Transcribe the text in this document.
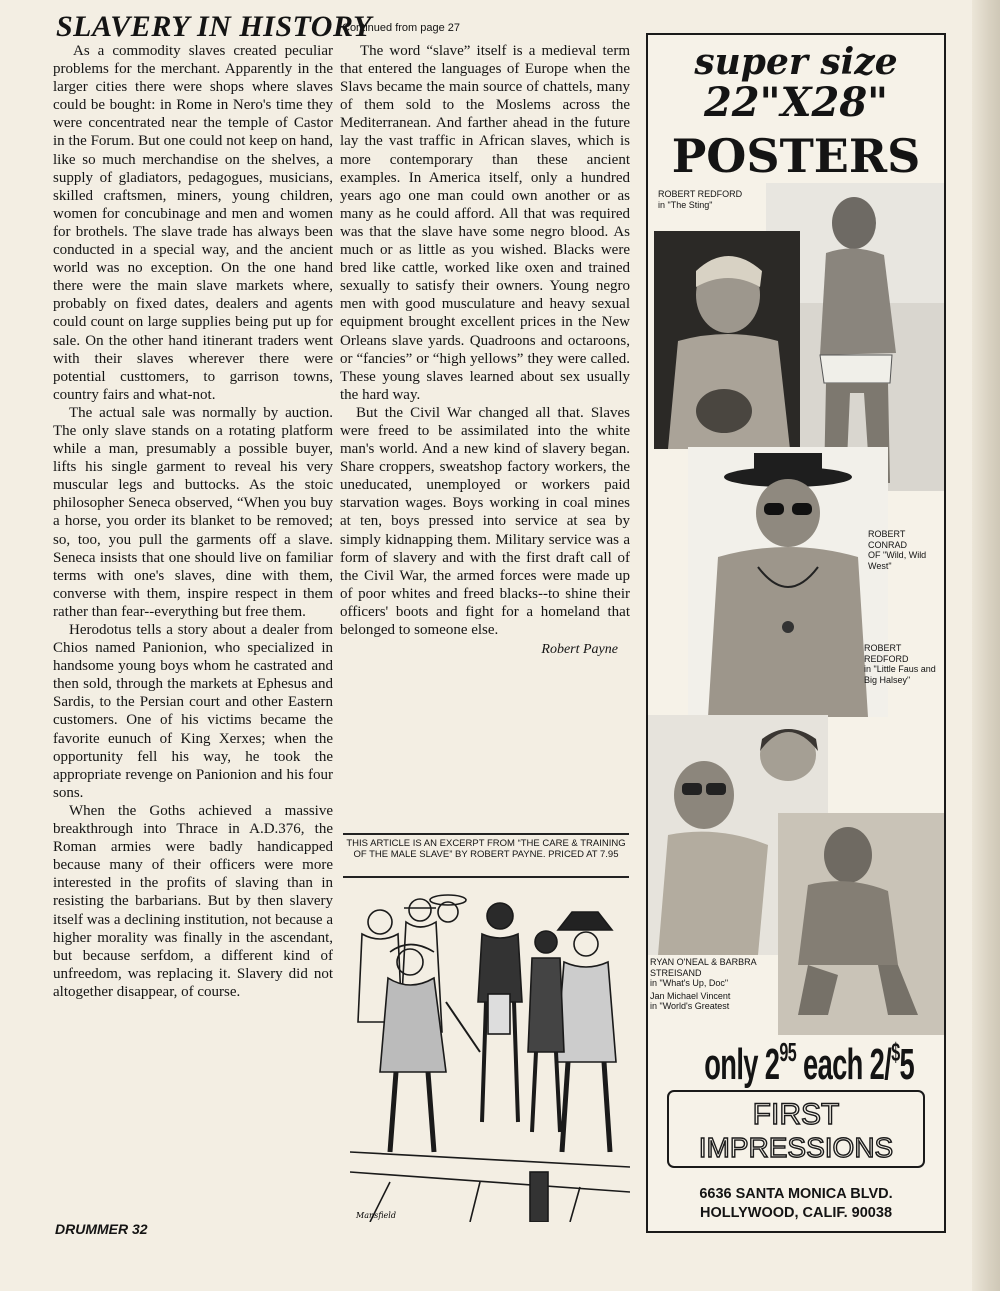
SLAVERY IN HISTORY
Continued from page 27

As a commodity slaves created peculiar problems for the merchant. Apparently in the larger cities there were shops where slaves could be bought: in Rome in Nero's time they were concentrated near the temple of Castor in the Forum. But one could not keep on hand, like so much merchandise on the shelves, a supply of gladiators, pedagogues, musicians, skilled craftsmen, miners, young children, women for concubinage and men and women for brothels. The slave trade has always been conducted in a special way, and the ancient world was no exception. On the one hand there were the main slave markets where, probably on fixed dates, dealers and agents could count on large supplies being put up for sale. On the other hand itinerant traders went with their slaves wherever there were potential custtomers, to garrison towns, country fairs and what-not.

The actual sale was normally by auction. The only slave stands on a rotating platform while a man, presumably a possible buyer, lifts his single garment to reveal his very muscular legs and buttocks. As the stoic philosopher Seneca observed, “When you buy a horse, you order its blanket to be removed; so, too, you pull the garments off a slave. Seneca insists that one should live on familiar terms with one's slaves, dine with them, converse with them, inspire respect in them rather than fear--everything but free them.

Herodotus tells a story about a dealer from Chios named Panionion, who specialized in handsome young boys whom he castrated and then sold, through the markets at Ephesus and Sardis, to the Persian court and other Eastern customers. One of his victims became the favorite eunuch of King Xerxes; when the opportunity fell his way, he took the appropriate revenge on Panionion and his four sons.

When the Goths achieved a massive breakthrough into Thrace in A.D.376, the Roman armies were badly handicapped because many of their officers were more interested in the profits of slaving than in resisting the barbarians. But by then slavery itself was a declining institution, not because a higher morality was finally in the ascendant, but because serfdom, a different kind of unfreedom, was replacing it. Slavery did not altogether disappear, of course.

The word “slave” itself is a medieval term that entered the languages of Europe when the Slavs became the main source of chattels, many of them sold to the Moslems across the Mediterranean. And farther ahead in the future lay the vast traffic in African slaves, which is more contemporary than these ancient examples. In America itself, only a hundred years ago one man could own another or as many as he could afford. All that was required was that the slave have some negro blood. As much or as little as you wished. Blacks were bred like cattle, worked like oxen and trained sexually to satisfy their owners. Young negro men with good musculature and heavy sexual equipment brought excellent prices in the New Orleans slave yards. Quadroons and octaroons, or “fancies” or “high yellows” they were called. These young slaves learned about sex usually the hard way.

But the Civil War changed all that. Slaves were freed to be assimilated into the white man's world. And a new kind of slavery began. Share croppers, sweatshop factory workers, the uneducated, unemployed or workers paid starvation wages. Boys working in coal mines at ten, boys pressed into service at sea by simply kidnapping them. Military service was a form of slavery and with the first draft call of the Civil War, the armed forces were made up of poor whites and freed blacks--to shine their officers' boots and fight for a homeland that belonged to someone else.

Robert Payne
THIS ARTICLE IS AN EXCERPT FROM “THE CARE & TRAINING OF THE MALE SLAVE” BY ROBERT PAYNE. PRICED AT 7.95
Mansfield
DRUMMER 32
super size
22"X28"
POSTERS
ROBERT REDFORD
in "The Sting"
ROBERT CONRAD
OF "Wild, Wild West"
ROBERT REDFORD
in "Little Faus and Big Halsey"
RYAN O'NEAL & BARBRA STREISAND
in "What's Up, Doc"
Jan Michael Vincent
in "World's Greatest
only $2^{95}$ each 2/$5
FIRST
IMPRESSIONS
6636 SANTA MONICA BLVD.
HOLLYWOOD, CALIF. 90038
